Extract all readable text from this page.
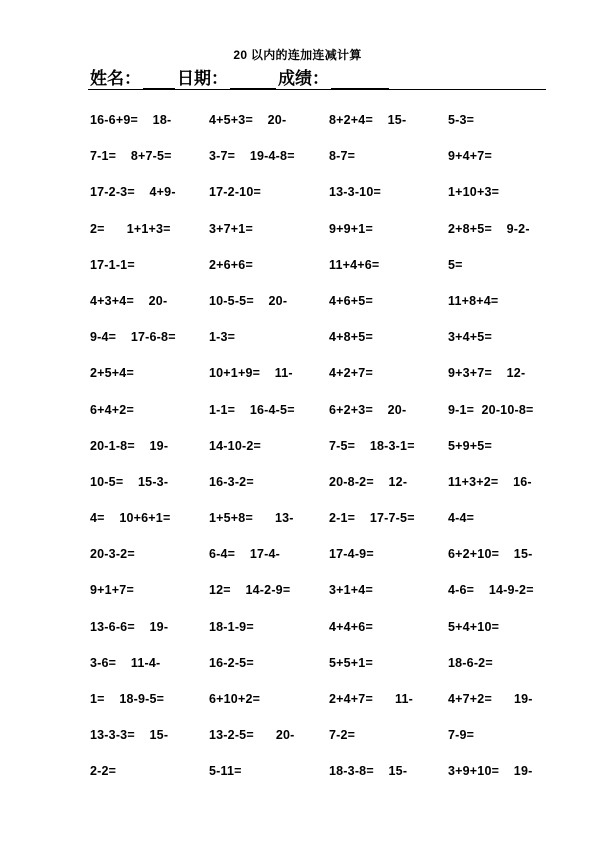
20 以内的连加连减计算
姓名： 日期：	成绩：
16-6+9=    18-	4+5+3=    20-	8+2+4=    15-	5-3=
7-1=    8+7-5=	3-7=    19-4-8=	8-7=	9+4+7=
17-2-3=    4+9-	17-2-10=	13-3-10=	1+10+3=
2=      1+1+3=	3+7+1=	9+9+1=	2+8+5=    9-2-
17-1-1=	2+6+6=	11+4+6=	5=
4+3+4=    20-	10-5-5=    20-	4+6+5=	11+8+4=
9-4=    17-6-8=	1-3=	4+8+5=	3+4+5=
2+5+4=	10+1+9=    11-	4+2+7=	9+3+7=    12-
6+4+2=	1-1=    16-4-5=	6+2+3=    20-	9-1=  20-10-8=
20-1-8=    19-	14-10-2=	7-5=    18-3-1=	5+9+5=
10-5=    15-3-	16-3-2=	20-8-2=    12-	11+3+2=    16-
4=    10+6+1=	1+5+8=      13-	2-1=    17-7-5=	4-4=
20-3-2=	6-4=    17-4-	17-4-9=	6+2+10=    15-
9+1+7=	12=    14-2-9=	3+1+4=	4-6=    14-9-2=
13-6-6=    19-	18-1-9=	4+4+6=	5+4+10=
3-6=    11-4-	16-2-5=	5+5+1=	18-6-2=
1=    18-9-5=	6+10+2=	2+4+7=      11-	4+7+2=      19-
13-3-3=    15-	13-2-5=      20-	7-2=	7-9=
2-2=	5-11=	18-3-8=    15-	3+9+10=    19-
